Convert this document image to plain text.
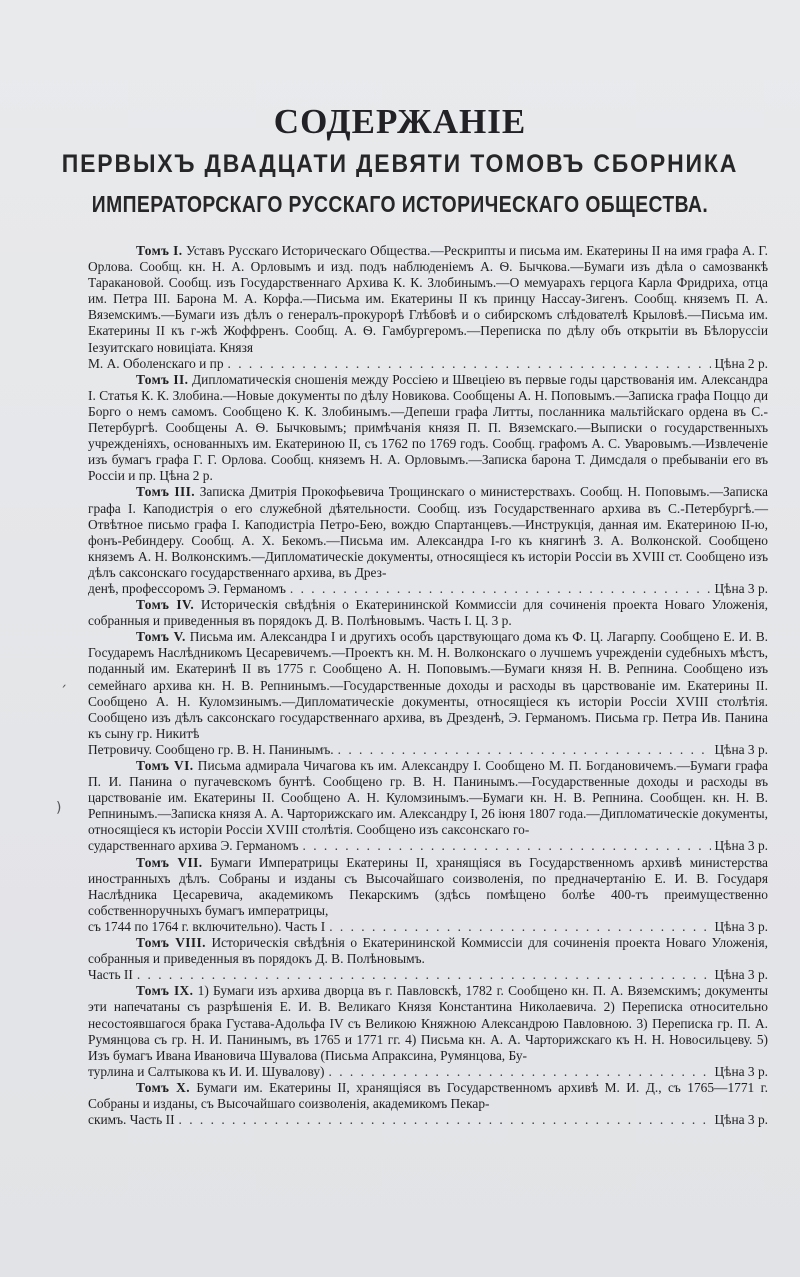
СОДЕРЖАНІЕ
ПЕРВЫХЪ ДВАДЦАТИ ДЕВЯТИ ТОМОВЪ СБОРНИКА
ИМПЕРАТОРСКАГО РУССКАГО ИСТОРИЧЕСКАГО ОБЩЕСТВА.

Томъ I. Уставъ Русскаго Историческаго Общества.—Рескрипты и письма им. Екатерины II на имя графа А. Г. Орлова. Сообщ. кн. Н. А. Орловымъ и изд. подъ наблюденіемъ А. Ѳ. Бычкова.—Бумаги изъ дѣла о самозванкѣ Таракановой. Сообщ. изъ Государственнаго Архива К. К. Злобинымъ.—О мемуарахъ герцога Карла Фридриха, отца им. Петра III. Барона М. А. Корфа.—Письма им. Екатерины II къ принцу Нассау-Зигенъ. Сообщ. княземъ П. А. Вяземскимъ.—Бумаги изъ дѣлъ о генералъ-прокурорѣ Глѣбовѣ и о сибирскомъ слѣдователѣ Крыловѣ.—Письма им. Екатерины II къ г-жѣ Жоффренъ. Сообщ. А. Ѳ. Гамбургеромъ.—Переписка по дѣлу объ открытіи въ Бѣлоруссіи Іезуитскаго новиціата. Князя

М. А. Оболенскаго и пр . . .	Цѣна 2 р.

Томъ II. Дипломатическія сношенія между Россіею и Швеціею въ первые годы царствованія им. Александра I. Статья К. К. Злобина.—Новые документы по дѣлу Новикова. Сообщены А. Н. Поповымъ.—Записка графа Поццо ди Борго о немъ самомъ. Сообщено К. К. Злобинымъ.—Депеши графа Литты, посланника мальтійскаго ордена въ С.-Петербургѣ. Сообщены А. Ѳ. Бычковымъ; примѣчанія князя П. П. Вяземскаго.—Выписки о государственныхъ учрежденіяхъ, основанныхъ им. Екатериною II, съ 1762 по 1769 годъ. Сообщ. графомъ А. С. Уваровымъ.—Извлеченіе изъ бумагъ графа Г. Г. Орлова. Сообщ. княземъ Н. А. Орловымъ.—Записка барона Т. Димсдаля о пребываніи его въ Россіи и пр. Цѣна 2 р.

Томъ III. Записка Дмитрія Прокофьевича Трощинскаго о министерствахъ. Сообщ. Н. Поповымъ.—Записка графа I. Каподистрія о его служебной дѣятельности. Сообщ. изъ Государственнаго архива въ С.-Петербургѣ.—Отвѣтное письмо графа I. Каподистріа Петро-Бею, вождю Спартанцевъ.—Инструкція, данная им. Екатериною II-ю, фонъ-Ребиндеру. Сообщ. А. Х. Бекомъ.—Письма им. Александра I-го къ княгинѣ З. А. Волконской. Сообщено княземъ А. Н. Волконскимъ.—Дипломатическіе документы, относящіеся къ исторіи Россіи въ XVIII ст. Сообщено изъ дѣлъ саксонскаго государственнаго архива, въ Дрез-

денѣ, профессоромъ Э. Германомъ . . .	Цѣна 3 р.

Томъ IV. Историческія свѣдѣнія о Екатерининской Коммиссіи для сочиненія проекта Новаго Уложенія, собранныя и приведенныя въ порядокъ Д. В. Полѣновымъ. Часть I. Ц. 3 р.

Томъ V. Письма им. Александра I и другихъ особъ царствующаго дома къ Ф. Ц. Лагарпу. Сообщено Е. И. В. Государемъ Наслѣдникомъ Цесаревичемъ.—Проектъ кн. М. Н. Волконскаго о лучшемъ учрежденіи судебныхъ мѣстъ, поданный им. Екатеринѣ II въ 1775 г. Сообщено А. Н. Поповымъ.—Бумаги князя Н. В. Репнина. Сообщено изъ семейнаго архива кн. Н. В. Репнинымъ.—Государственные доходы и расходы въ царствованіе им. Екатерины II. Сообщено А. Н. Куломзинымъ.—Дипломатическіе документы, относящіеся къ исторіи Россіи XVIII столѣтія. Сообщено изъ дѣлъ саксонскаго государственнаго архива, въ Дрезденѣ, Э. Германомъ. Письма гр. Петра Ив. Панина къ сыну гр. Никитѣ

Петровичу. Сообщено гр. В. Н. Панинымъ. . . .	Цѣна 3 р.

Томъ VI. Письма адмирала Чичагова къ им. Александру I. Сообщено М. П. Богдановичемъ.—Бумаги графа П. И. Панина о пугачевскомъ бунтѣ. Сообщено гр. В. Н. Панинымъ.—Государственные доходы и расходы въ царствованіе им. Екатерины II. Сообщено А. Н. Куломзинымъ.—Бумаги кн. Н. В. Репнина. Сообщен. кн. Н. В. Репнинымъ.—Записка князя А. А. Чарторижскаго им. Александру I, 26 іюня 1807 года.—Дипломатическіе документы, относящіеся къ исторіи Россіи XVIII столѣтія. Сообщено изъ саксонскаго го-

сударственнаго архива Э. Германомъ . . .	Цѣна 3 р.

Томъ VII. Бумаги Императрицы Екатерины II, хранящіяся въ Государственномъ архивѣ министерства иностранныхъ дѣлъ. Собраны и изданы съ Высочайшаго соизволенія, по предначертанію Е. И. В. Государя Наслѣдника Цесаревича, академикомъ Пекарскимъ (здѣсь помѣщено болѣе 400-тъ преимущественно собственноручныхъ бумагъ императрицы,

съ 1744 по 1764 г. включительно). Часть I . . .	Цѣна 3 р.

Томъ VIII. Историческія свѣдѣнія о Екатерининской Коммиссіи для сочиненія проекта Новаго Уложенія, собранныя и приведенныя въ порядокъ Д. В. Полѣновымъ.

Часть II . . .	Цѣна 3 р.

Томъ IX. 1) Бумаги изъ архива дворца въ г. Павловскѣ, 1782 г. Сообщено кн. П. А. Вяземскимъ; документы эти напечатаны съ разрѣшенія Е. И. В. Великаго Князя Константина Николаевича. 2) Переписка относительно несостоявшагося брака Густава-Адольфа IV съ Великою Княжною Александрою Павловною. 3) Переписка гр. П. А. Румянцова съ гр. Н. И. Панинымъ, въ 1765 и 1771 гг. 4) Письма кн. А. А. Чарторижскаго къ Н. Н. Новосильцеву. 5) Изъ бумагъ Ивана Ивановича Шувалова (Письма Апраксина, Румянцова, Бу-

турлина и Салтыкова къ И. И. Шувалову) . . .	Цѣна 3 р.

Томъ X. Бумаги им. Екатерины II, хранящіяся въ Государственномъ архивѣ М. И. Д., съ 1765—1771 г. Собраны и изданы, съ Высочайшаго соизволенія, академикомъ Пекар-

скимъ. Часть II . . .	Цѣна 3 р.
ˏ
)
